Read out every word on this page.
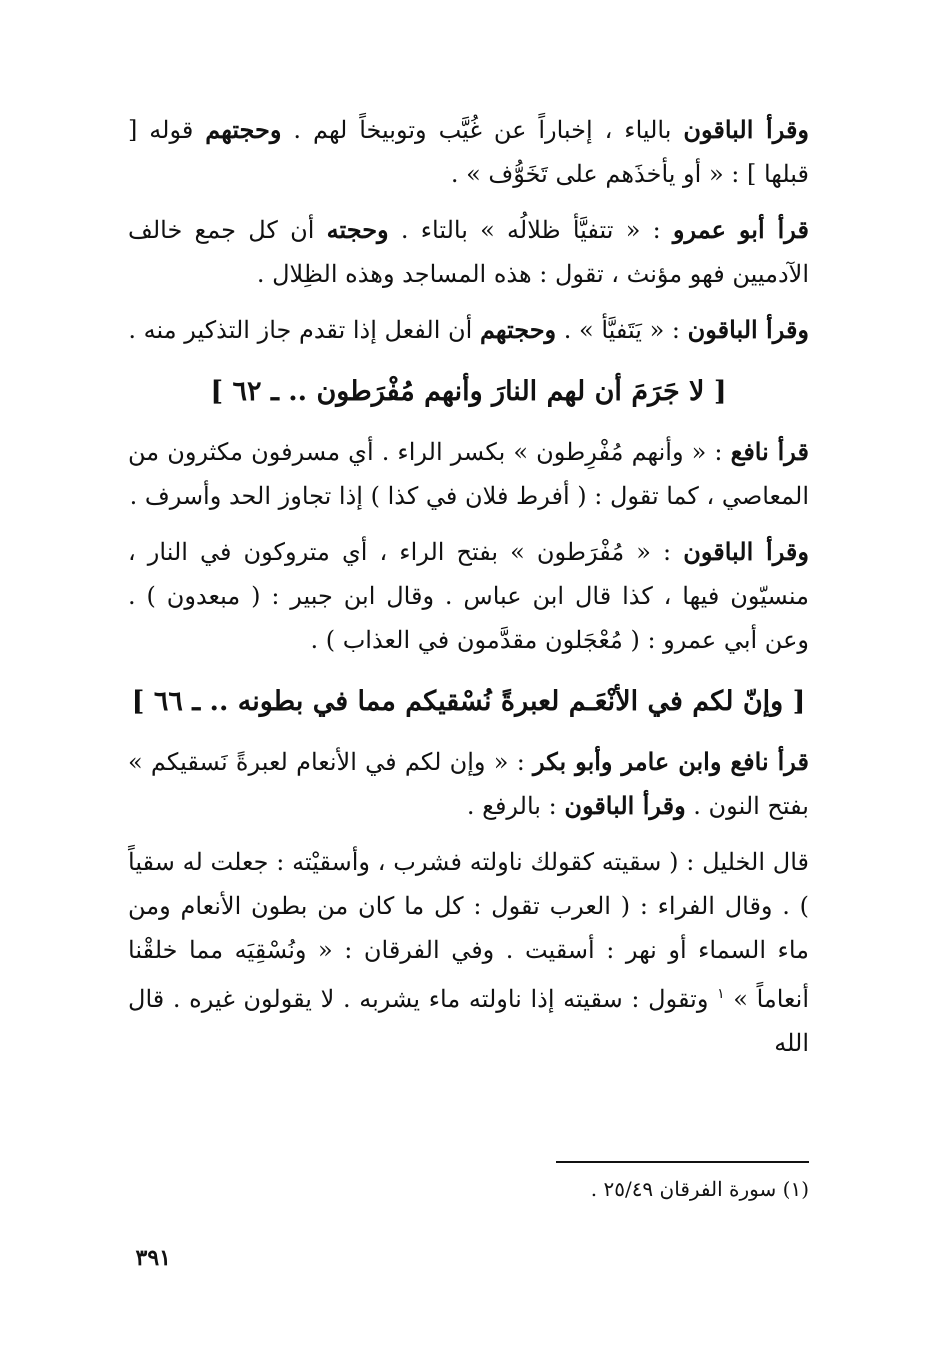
وقرأ الباقون بالياء ، إخباراً عن غُيَّب وتوبيخاً لهم . وحجتهم قوله [ قبلها ] : « أو يأخذَهم على تَخَوُّف » .

قرأ أبو عمرو : « تتفيَّأ ظلالُه » بالتاء . وحجته أن كل جمع خالف الآدميين فهو مؤنث ، تقول : هذه المساجد وهذه الظِلال .

وقرأ الباقون : « يَتَفيَّأ » . وحجتهم أن الفعل إذا تقدم جاز التذكير منه .

[ لا جَرَمَ أن لهم النارَ وأنهم مُفْرَطون .. ـ ٦٢ ]

قرأ نافع : « وأنهم مُفْرِطون » بكسر الراء . أي مسرفون مكثرون من المعاصي ، كما تقول : ( أفرط فلان في كذا ) إذا تجاوز الحد وأسرف .

وقرأ الباقون : « مُفْرَطون » بفتح الراء ، أي متروكون في النار ، منسيّون فيها ، كذا قال ابن عباس . وقال ابن جبير : ( مبعدون ) . وعن أبي عمرو : ( مُعْجَلون مقدَّمون في العذاب ) .

[ وإنّ لكم في الأنْعَـم لعبرةً نُسْقيكم مما في بطونه .. ـ ٦٦ ]

قرأ نافع وابن عامر وأبو بكر : « وإن لكم في الأنعام لعبرةً نَسقيكم » بفتح النون . وقرأ الباقون : بالرفع .

قال الخليل : ( سقيته كقولك ناولته فشرب ، وأسقيْته : جعلت له سقياً ) . وقال الفراء : ( العرب تقول : كل ما كان من بطون الأنعام ومن ماء السماء أو نهر : أسقيت . وفي الفرقان : « ونُسْقِيَه مما خلقْنا أنعاماً » $^١$ وتقول : سقيته إذا ناولته ماء يشربه . لا يقولون غيره . قال الله

(١) سورة الفرقان ٢٥/٤٩ .
٣٩١
